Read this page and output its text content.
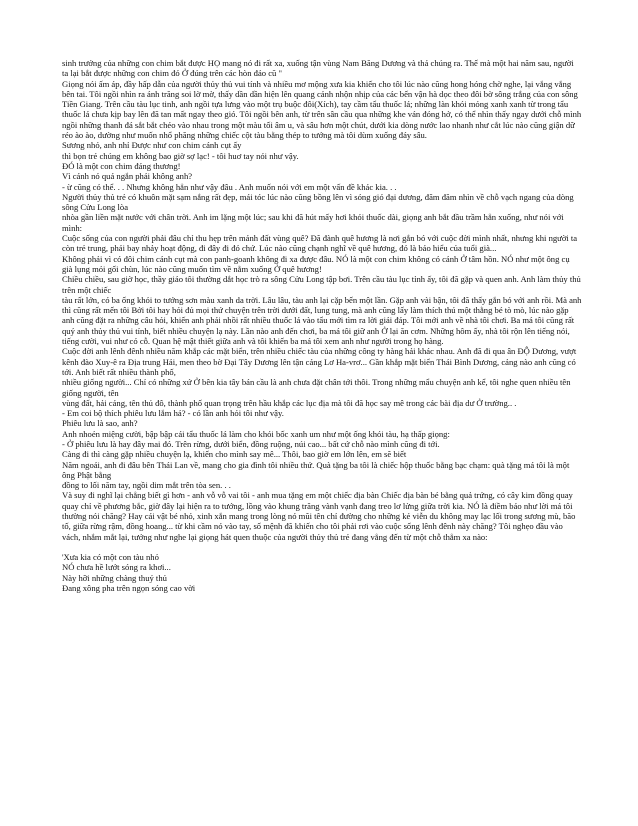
sinh trưởng của những con chim bắt được HỌ mang nó đi rất xa, xuống tận vùng Nam Băng Dương và thả chúng ra. Thế mà một hai năm sau, người ta lại bắt được những con chim đó Ở đúng trên các hòn đảo cũ "

Giọng nói ấm áp, đầy hấp dẫn của người thủy thủ vui tính và nhiều mơ mộng xưa kia khiến cho tôi lúc nào cũng hong hóng chờ nghe, lại vắng vắng bên tai. Tôi ngồi nhìn ra ánh trăng soi lờ mờ, thấy dần dần hiện lên quang cảnh nhộn nhịp của các bến vận hà dọc theo đôi bờ sông trắng của con sông Tiền Giang. Trên cầu tàu lục tinh, anh ngồi tựa lưng vào một trụ buộc đôi(Xích), tay cầm tẩu thuốc lá; những làn khói mỏng xanh xanh từ trong tẩu thuốc lá chưa kịp bay lên đã tan mất ngay theo gió. Tôi ngồi bên anh, từ trên sân cầu qua những khe ván đóng hở, có thể nhìn thấy ngay dưới chỗ mình ngồi những thanh đá sắt bắt chéo vào nhau trong một màu tối âm u, và sâu hơn một chút, dưới kia dòng nước lao nhanh như cắt lúc nào cũng giận dữ réo ào ào, dường như muốn nhổ phăng những chiếc cột tàu bằng thép to tướng mà tôi dùm xuống đáy sâu.

Sương nhỏ, anh nhỉ Được như con chim cánh cụt ấy

thì bọn trẻ chúng em không bao giờ sợ lạc! - tôi huơ tay nói như vậy.

ĐÓ là một con chim đáng thương!

Vì cánh nó quá ngắn phải không anh?

- ừ cũng có thể. . . Nhưng không hẳn như vậy đâu . Anh muốn nói với em một vấn đề khác kia. . .

Người thủy thủ trẻ có khuôn mặt sạm nắng rất đẹp, mái tóc lúc nào cũng bồng lên vì sóng gió đại dương, đăm đăm nhìn về chỗ vạch ngang của dòng sông Cửu Long lòa

nhòa gần liền mặt nước với chân trời. Anh im lặng một lúc; sau khi đã hút mấy hơi khói thuốc dài, giọng anh bắt đầu trầm hẳn xuống, như nói với mình:

Cuộc sống của con người phải đâu chỉ thu hẹp trên mảnh đất vùng quê? Đã đành quê hương là nơi gắn bó với cuộc đời mình nhất, nhưng khi người ta còn trẻ trung, phải bay nhảy hoạt động, đi đây đi đó chứ. Lúc nào cũng chạnh nghĩ về quê hương, đó là bảo hiểu của tuổi già...

Không phải vì có đôi chim cánh cụt mà con panh-goanh không đi xa được đâu. NÓ là một con chim không có cánh Ở tâm hồn. NÓ như một ông cụ già lụng mỏi gối chùn, lúc nào cũng muốn tìm về nằm xuống Ở quê hương!

Chiều chiều, sau giờ học, thầy giáo tôi thường dắt học trò ra sông Cửu Long tập bơi. Trên cầu tàu lục tỉnh ấy, tôi đã gặp và quen anh. Anh làm thủy thủ trên một chiếc

tàu rất lớn, có ba ống khói to tướng sơn màu xanh da trời. Lâu lâu, tàu anh lại cặp bến một lần. Gặp anh vài bận, tôi đã thấy gắn bó với anh rồi. Mà anh thì cũng rất mến tôi Bởi tôi hay hỏi đủ mọi thứ chuyện trên trời dưới đất, lung tung, mà anh cũng lấy làm thích thú một thằng bé tò mò, lúc nào gặp anh cũng đặt ra những câu hỏi, khiến anh phải nhồi rất nhiều thuốc lá vào tẩu mới tìm ra lời giải đáp. Tôi mới anh về nhà tôi chơi. Ba má tôi cũng rất quý anh thủy thủ vui tính, biết nhiều chuyện lạ này. Lần nào anh đến chơi, ba má tôi giữ anh Ở lại ăn cơm. Những hôm ấy, nhà tôi rộn lên tiếng nói, tiếng cười, vui như có cỗ. Quan hệ mật thiết giữa anh và tôi khiến ba má tôi xem anh như người trong họ hàng.

Cuộc đời anh lênh đênh nhiều năm khắp các mặt biển, trên nhiều chiếc tàu của những công ty hàng hải khác nhau. Anh đã đi qua ân ĐỘ Dương, vượt kênh đào Xuy-ê ra Địa trung Hải, men theo bờ Đại Tây Dương lên tận cảng Lơ Ha-vrơ... Gần khắp mặt biển Thái Bình Dương, cảng nào anh cũng có tới. Anh biết rất nhiều thành phố,

nhiều giống người... Chỉ có những xứ Ở bên kia tây bán cầu là anh chưa đặt chân tới thôi. Trong những mẩu chuyện anh kể, tôi nghe quen nhiều tên giống người, tên

vùng đất, hải cảng, tên thủ đô, thành phố quan trọng trên hầu khắp các lục địa mà tôi đã học say mê trong các bài địa dư Ở trường.. .

- Em coi bộ thích phiêu lưu lắm hả? - có lần anh hỏi tôi như vậy.

Phiêu lưu là sao, anh?

Anh nhoẻn miệng cười, bập bập cái tẩu thuốc lá làm cho khói bốc xanh um như một ống khói tàu, hạ thấp giọng:

- Ở phiêu lưu là hay đây mai đó. Trên rừng, dưới biển, đồng ruộng, núi cao... bất cứ chỗ nào mình cũng đi tới.

Càng đi thì càng gặp nhiều chuyện lạ, khiến cho mình say mê... Thôi, bao giờ em lớn lên, em sẽ biết

Năm ngoái, anh đi đâu bên Thái Lan về, mang cho gia đình tôi nhiều thứ. Quà tặng ba tôi là chiếc hộp thuốc bằng bạc chạm: quà tặng má tôi là một ông Phật bằng

đồng to lối năm tay, ngồi dim mắt trên tòa sen. . .

Và suy đi nghĩ lại chẳng biết gì hơn - anh vỗ vỗ vai tôi - anh mua tặng em một chiếc địa bàn Chiếc địa bàn bé bằng quả trứng, có cây kim đồng quay quay chỉ về phương bắc, giờ đây lại hiện ra to tướng, lồng vào khung trăng vành vạnh đang treo lơ lửng giữa trời kia. NÓ là điềm báo như lời má tôi thường nói chăng? Hay cái vật bé nhỏ, xinh xắn mang trong lòng nó mũi tên chỉ đường cho những kẻ viễn du không may lạc lối trong sương mù, bão tố, giữa rừng rậm, đồng hoang... từ khi cầm nó vào tay, số mệnh đã khiến cho tôi phải rơi vào cuộc sống lênh đênh này chăng? Tôi nghẹo đầu vào vách, nhắm mắt lại, tưởng như nghe lại giọng hát quen thuộc của người thủy thủ trẻ đang vẳng đến từ một chỗ thẳm xa nào:

'Xưa kia có một con tàu nhỏ

NÓ chưa hề lướt sóng ra khơi...

Này hỡi những chàng thuỷ thủ

Đang xông pha trên ngọn sóng cao vời
